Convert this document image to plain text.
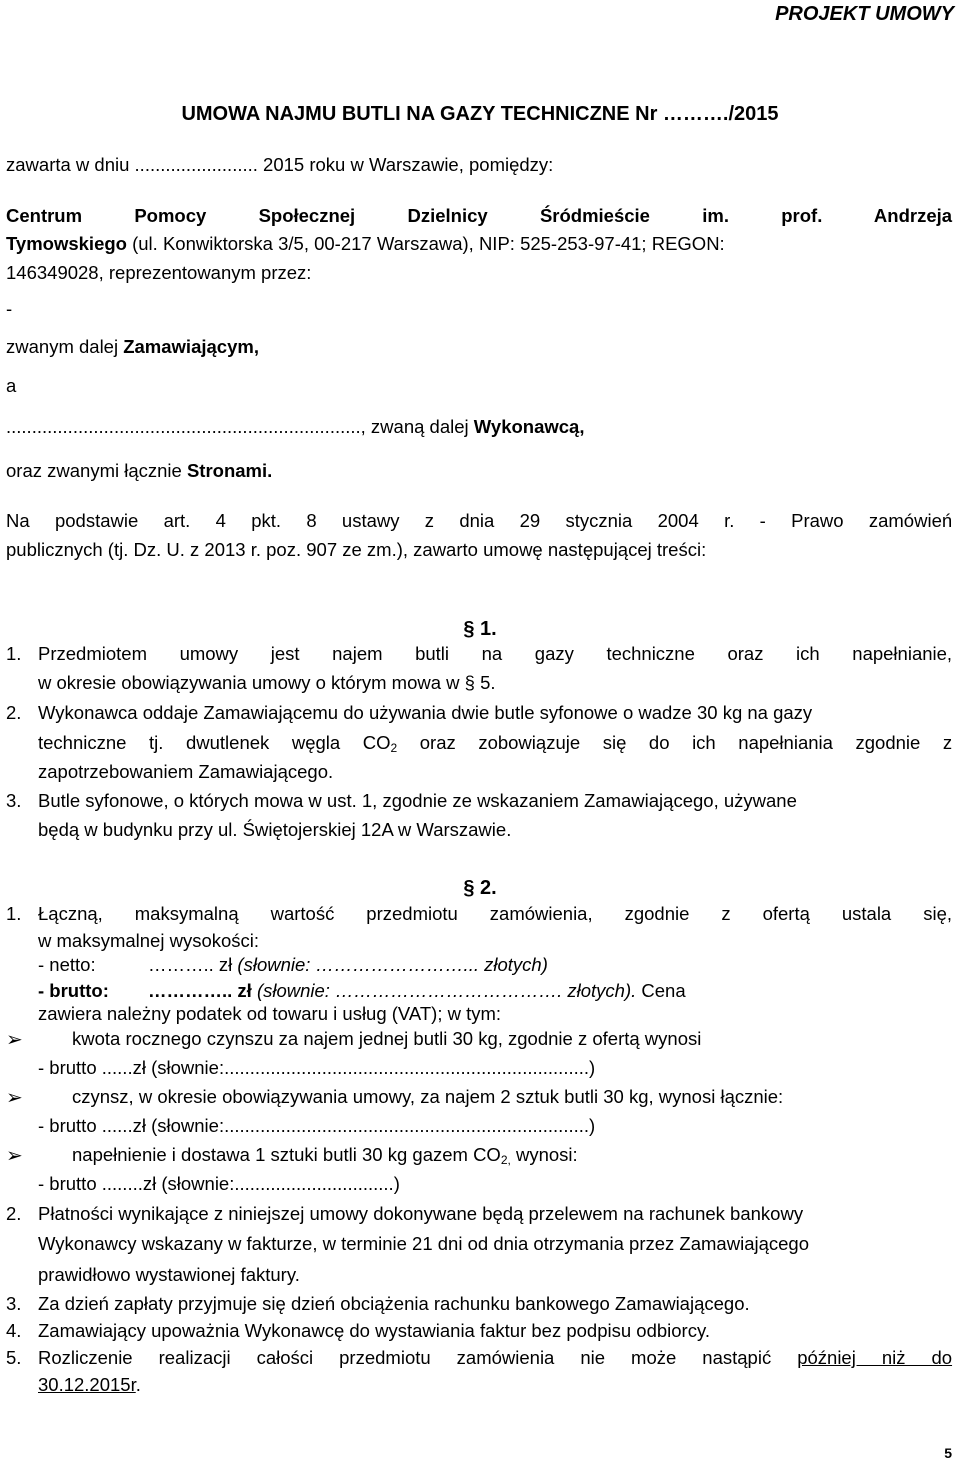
PROJEKT UMOWY
UMOWA NAJMU BUTLI NA GAZY TECHNICZNE Nr ………./2015
zawarta w dniu ........................ 2015 roku w Warszawie, pomiędzy:
Centrum	Pomocy	Społecznej	Dzielnicy	Śródmieście	im.	prof.	Andrzeja
Tymowskiego (ul. Konwiktorska 3/5, 00-217 Warszawa), NIP: 525-253-97-41; REGON:
146349028, reprezentowanym przez:
-
zwanym dalej Zamawiającym,
a
....................................................................., zwaną dalej Wykonawcą,
oraz zwanymi łącznie Stronami.
Na podstawie art. 4 pkt. 8 ustawy z dnia 29 stycznia 2004 r. - Prawo zamówień
publicznych (tj. Dz. U. z 2013 r. poz. 907 ze zm.), zawarto umowę następującej treści:
§ 1.
1. Przedmiotem umowy jest najem butli na gazy techniczne oraz ich napełnianie,
w okresie obowiązywania umowy o którym mowa w § 5.
2. Wykonawca oddaje Zamawiającemu do używania dwie butle syfonowe o wadze 30 kg na gazy
techniczne tj. dwutlenek węgla $CO_2$ oraz zobowiązuje się do ich napełniania zgodnie z
zapotrzebowaniem Zamawiającego.
3. Butle syfonowe, o których mowa w ust. 1, zgodnie ze wskazaniem Zamawiającego, używane
będą w budynku przy ul. Świętojerskiej 12A w Warszawie.
§ 2.
1. Łączną, maksymalną wartość przedmiotu zamówienia, zgodnie z ofertą ustala się,
w maksymalnej wysokości:
- netto:	……….. zł (słownie: ……………………... złotych)
- brutto: ………….. zł (słownie: ………………………………. złotych). Cena
zawiera należny podatek od towaru i usług (VAT); w tym:
➢	kwota rocznego czynszu za najem jednej butli 30 kg, zgodnie z ofertą wynosi
- brutto ......zł (słownie:.......................................................................)
➢	czynsz, w okresie obowiązywania umowy, za najem 2 sztuk butli 30 kg, wynosi łącznie:
- brutto ......zł (słownie:.......................................................................)
➢	napełnienie i dostawa 1 sztuki butli 30 kg gazem $CO_{2,}$ wynosi:
- brutto ........zł (słownie:...............................)
2. Płatności wynikające z niniejszej umowy dokonywane będą przelewem na rachunek bankowy
Wykonawcy wskazany w fakturze, w terminie 21 dni od dnia otrzymania przez Zamawiającego
prawidłowo wystawionej faktury.
3. Za dzień zapłaty przyjmuje się dzień obciążenia rachunku bankowego Zamawiającego.
4. Zamawiający upoważnia Wykonawcę do wystawiania faktur bez podpisu odbiorcy.
5. Rozliczenie realizacji całości przedmiotu zamówienia nie może nastąpić później niż do
30.12.2015r.
5
